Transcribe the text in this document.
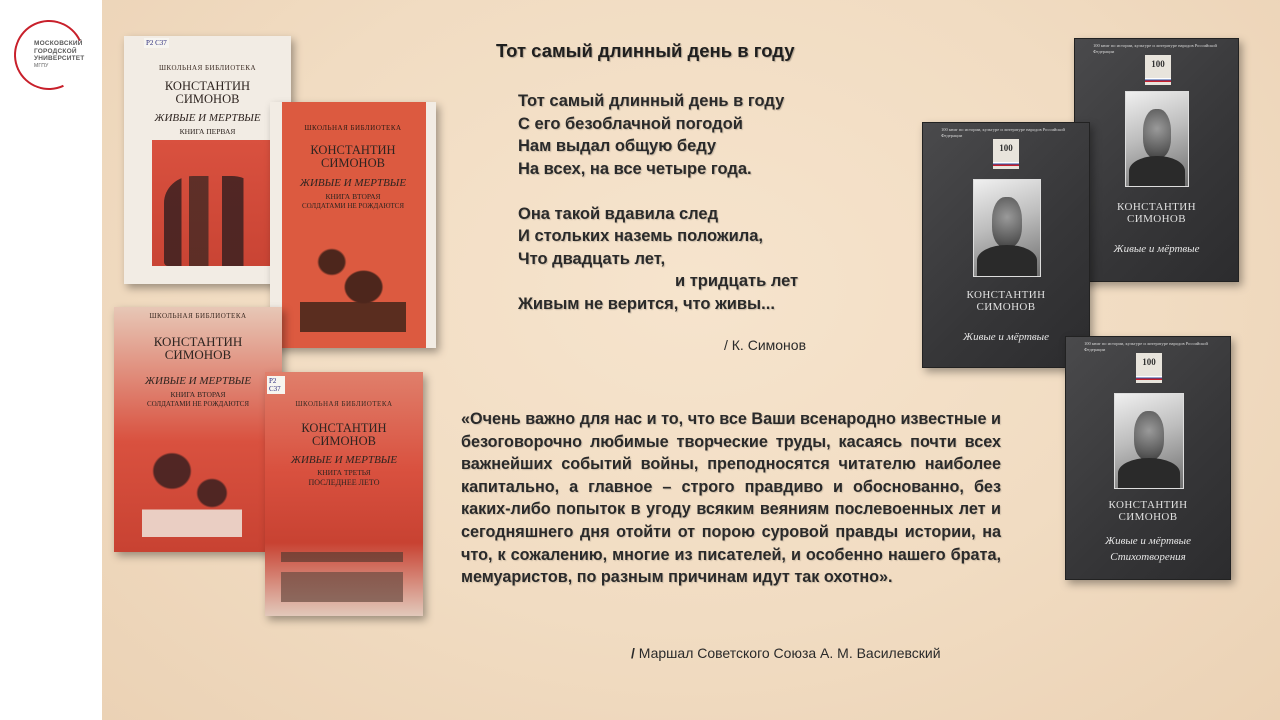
МОСКОВСКИЙ
ГОРОДСКОЙ
УНИВЕРСИТЕТ
МГПУ
Р2 С37
ШКОЛЬНАЯ БИБЛИОТЕКА
КОНСТАНТИН
СИМОНОВ
ЖИВЫЕ И МЕРТВЫЕ
КНИГА ПЕРВАЯ	ШКОЛЬНАЯ БИБЛИОТЕКА
КОНСТАНТИН
СИМОНОВ
ЖИВЫЕ И МЕРТВЫЕ
КНИГА ВТОРАЯ
СОЛДАТАМИ НЕ РОЖДАЮТСЯ
ШКОЛЬНАЯ БИБЛИОТЕКА
КОНСТАНТИН
СИМОНОВ
ЖИВЫЕ И МЕРТВЫЕ
КНИГА ВТОРАЯ
СОЛДАТАМИ НЕ РОЖДАЮТСЯ
Р2 С37
ШКОЛЬНАЯ БИБЛИОТЕКА
КОНСТАНТИН
СИМОНОВ
ЖИВЫЕ И МЕРТВЫЕ
КНИГА ТРЕТЬЯ
ПОСЛЕДНЕЕ ЛЕТО
100 книг по истории, культуре и литературе народов Российской Федерации
100
КОНСТАНТИН
СИМОНОВ
Живые и мёртвые
100 книг по истории, культуре и литературе народов Российской Федерации
100
КОНСТАНТИН
СИМОНОВ
Живые и мёртвые
100 книг по истории, культуре и литературе народов Российской Федерации
100
КОНСТАНТИН
СИМОНОВ
Живые и мёртвые
Стихотворения
Тот самый длинный день в году
Тот самый длинный день в году
С его безоблачной погодой
Нам выдал общую беду
На всех, на все четыре года.
Она такой вдавила след
И стольких наземь положила,
Что двадцать лет,
и тридцать лет
Живым не верится, что живы...
/ К. Симонов
«Очень важно для нас и то, что все Ваши всенародно известные и безоговорочно любимые творческие труды, касаясь почти всех важнейших событий войны, преподносятся читателю наиболее капитально, а главное – строго правдиво и обоснованно, без каких-либо попыток в угоду всяким веяниям послевоенных лет и сегодняшнего дня отойти от порою суровой правды истории, на что, к сожалению, многие из писателей, и особенно нашего брата, мемуаристов, по разным причинам идут так охотно».
/ Маршал Советского Союза А. М. Василевский
